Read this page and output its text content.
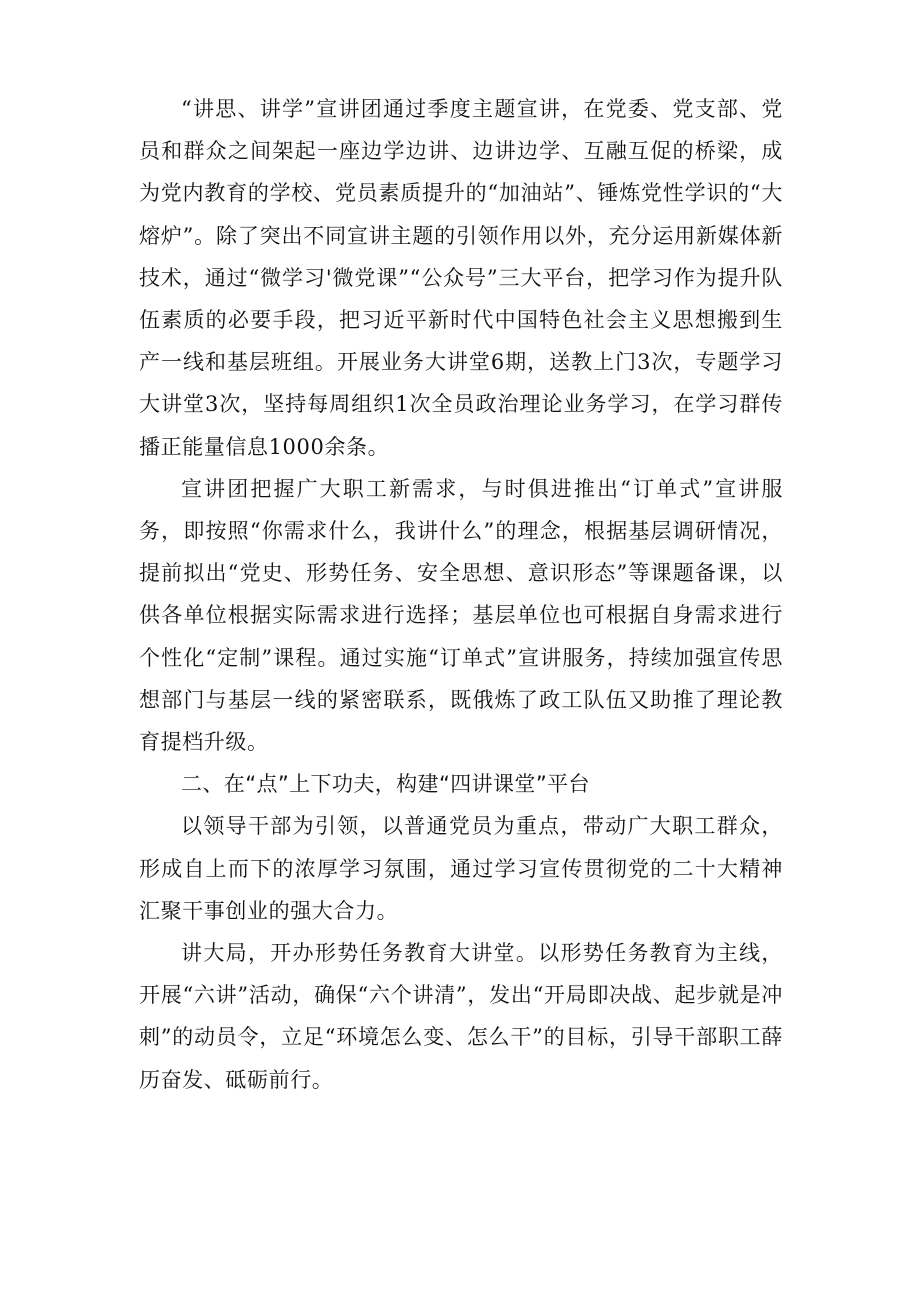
“讲思、讲学”宣讲团通过季度主题宣讲，在党委、党支部、党员和群众之间架起一座边学边讲、边讲边学、互融互促的桥梁，成为党内教育的学校、党员素质提升的“加油站”、锤炼党性学识的“大熔炉”。除了突出不同宣讲主题的引领作用以外，充分运用新媒体新技术，通过“微学习'微党课”“公众号”三大平台，把学习作为提升队伍素质的必要手段，把习近平新时代中国特色社会主义思想搬到生产一线和基层班组。开展业务大讲堂6期，送教上门3次，专题学习大讲堂3次，坚持每周组织1次全员政治理论业务学习，在学习群传播正能量信息1000余条。

宣讲团把握广大职工新需求，与时俱进推出“订单式”宣讲服务，即按照“你需求什么，我讲什么”的理念，根据基层调研情况，提前拟出“党史、形势任务、安全思想、意识形态”等课题备课，以供各单位根据实际需求进行选择；基层单位也可根据自身需求进行个性化“定制”课程。通过实施“订单式”宣讲服务，持续加强宣传思想部门与基层一线的紧密联系，既俄炼了政工队伍又助推了理论教育提档升级。

二、在“点”上下功夫，构建“四讲课堂”平台

以领导干部为引领，以普通党员为重点，带动广大职工群众，形成自上而下的浓厚学习氛围，通过学习宣传贯彻党的二十大精神汇聚干事创业的强大合力。

讲大局，开办形势任务教育大讲堂。以形势任务教育为主线，开展“六讲”活动，确保“六个讲清”，发出“开局即决战、起步就是冲刺”的动员令，立足“环境怎么变、怎么干”的目标，引导干部职工薛历奋发、砥砺前行。
